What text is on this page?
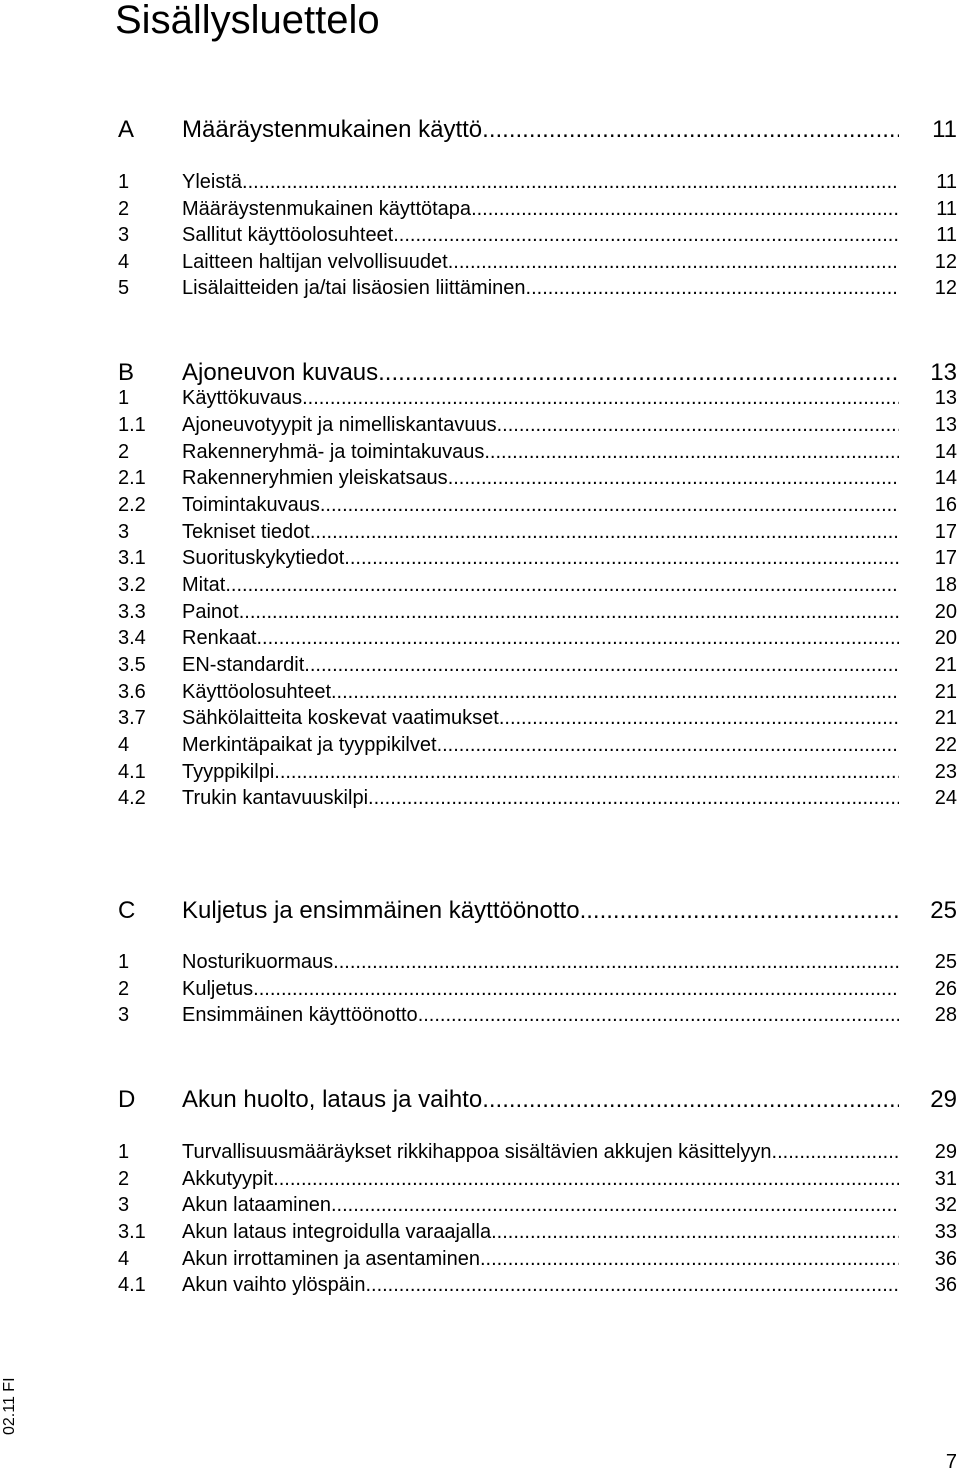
Sisällysluettelo
A Määräystenmukainen käyttö .....	11
1	Yleistä .....	11
2	Määräystenmukainen käyttötapa .....	11
3	Sallitut käyttöolosuhteet .....	11
4	Laitteen haltijan velvollisuudet .....	12
5	Lisälaitteiden ja/tai lisäosien liittäminen .....	12
B Ajoneuvon kuvaus .....	13
1	Käyttökuvaus .....	13
1.1 Ajoneuvotyypit ja nimelliskantavuus .....	13
2	Rakenneryhmä- ja toimintakuvaus .....	14
2.1 Rakenneryhmien yleiskatsaus .....	14
2.2 Toimintakuvaus .....	16
3	Tekniset tiedot .....	17
3.1 Suorituskykytiedot .....	17
3.2 Mitat .....	18
3.3 Painot .....	20
3.4 Renkaat .....	20
3.5 EN-standardit .....	21
3.6 Käyttöolosuhteet .....	21
3.7 Sähkölaitteita koskevat vaatimukset .....	21
4	Merkintäpaikat ja tyyppikilvet .....	22
4.1 Tyyppikilpi .....	23
4.2 Trukin kantavuuskilpi .....	24
C Kuljetus ja ensimmäinen käyttöönotto .....	25
1	Nosturikuormaus .....	25
2	Kuljetus .....	26
3	Ensimmäinen käyttöönotto .....	28
D Akun huolto, lataus ja vaihto .....	29
1	Turvallisuusmääräykset rikkihappoa sisältävien akkujen käsittelyyn .....	29
2	Akkutyypit .....	31
3	Akun lataaminen .....	32
3.1 Akun lataus integroidulla varaajalla .....	33
4	Akun irrottaminen ja asentaminen .....	36
4.1 Akun vaihto ylöspäin .....	36
02.11 FI
7
